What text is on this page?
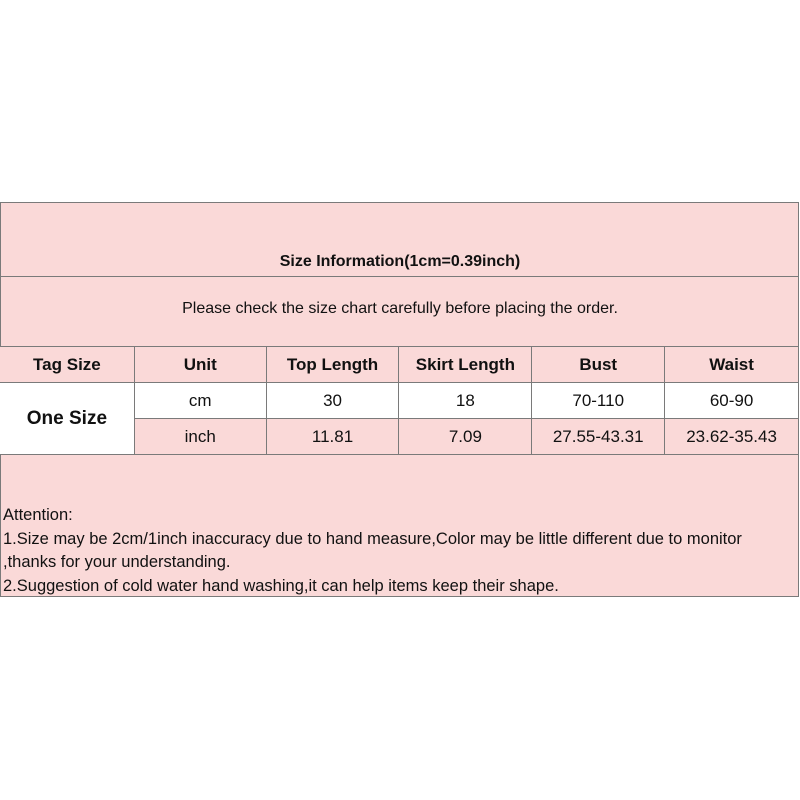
Size Information(1cm=0.39inch)
Please check the size chart carefully before placing the order.
Tag Size	Unit	Top Length	Skirt Length	Bust	Waist
One Size	cm	30	18	70-110	60-90
	inch	11.81	7.09	27.55-43.31	23.62-35.43
Attention:
1.Size may be 2cm/1inch inaccuracy due to hand measure,Color may be little different due to monitor ,thanks for your understanding.
2.Suggestion of cold water hand washing,it can help items keep their shape.
